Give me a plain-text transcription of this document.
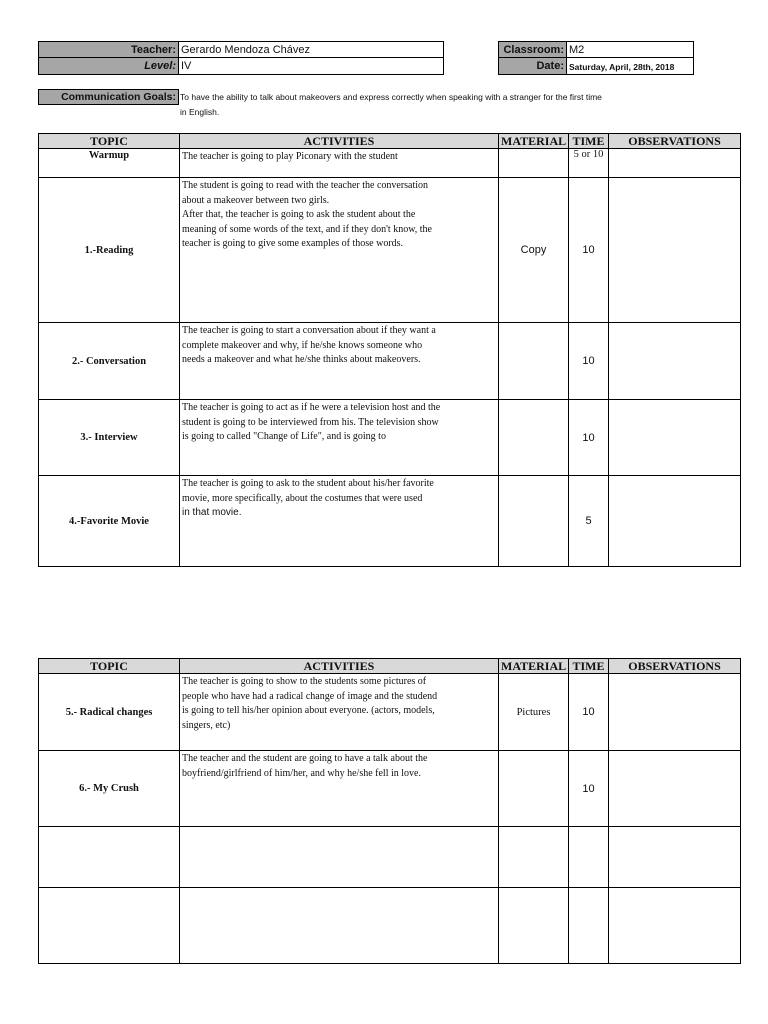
Teacher: Gerardo Mendoza Chávez
Level: IV
Classroom: M2
Date: Saturday, April, 28th, 2018
Communication Goals: To have the ability to talk about makeovers and express correctly when speaking with a stranger for the first time
in English.
TOPIC	ACTIVITIES	MATERIAL	TIME	OBSERVATIONS
Warmup	The teacher is going to play Piconary with the student		5 or 10	
1.-Reading	The student is going to read with the teacher the conversation
about a makeover between two girls.
After that, the teacher is going to ask the student about the
meaning of some words of the text, and if they don't know, the
teacher is going to give some examples of those words.	Copy	10	
2.- Conversation	The teacher is going to start a conversation about if they want a
complete makeover and why, if he/she knows someone who
needs a makeover and what he/she thinks about makeovers.		10	
3.- Interview	The teacher is going to act as if he were a television host and the
student is going to be interviewed from his. The television show
is going to called "Change of Life", and is going to		10	
4.-Favorite Movie	The teacher is going to ask to the student about his/her favorite
movie, more specifically, about the costumes that were used
in that movie.		5	
TOPIC	ACTIVITIES	MATERIAL	TIME	OBSERVATIONS
5.- Radical changes	The teacher is going to show to the students some pictures of
people who have had a radical change of image and the studend
is going to tell his/her opinion about everyone. (actors, models,
singers, etc)	Pictures	10	
6.- My Crush	The teacher and the student are going to have a talk about the
boyfriend/girlfriend of him/her, and why he/she fell in love.		10	
